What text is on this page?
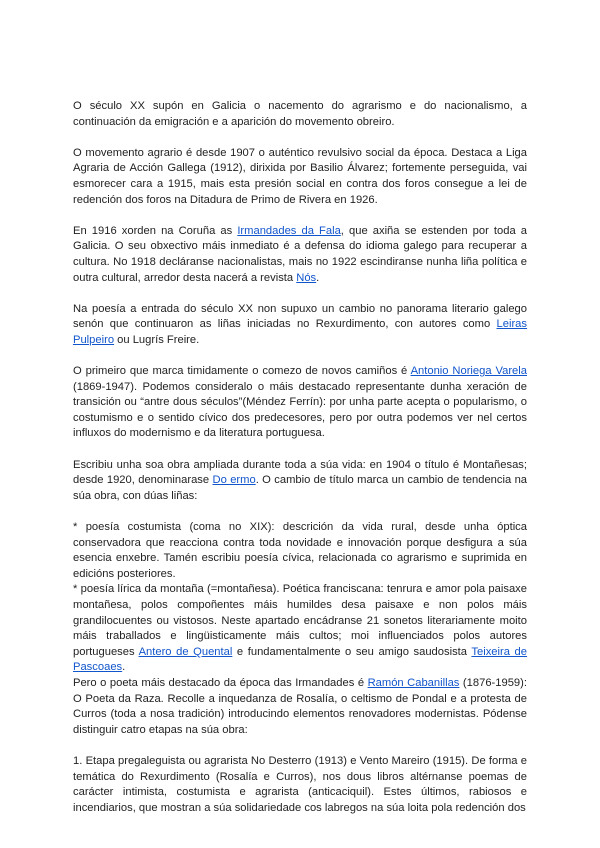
O século XX supón en Galicia o nacemento do agrarismo e do nacionalismo, a continuación da emigración e a aparición do movemento obreiro.

O movemento agrario é desde 1907 o auténtico revulsivo social da época. Destaca a Liga Agraria de Acción Gallega (1912), dirixida por Basilio Álvarez; fortemente perseguida, vai esmorecer cara a 1915, mais esta presión social en contra dos foros consegue a lei de redención dos foros na Ditadura de Primo de Rivera en 1926.

En 1916 xorden na Coruña as Irmandades da Fala, que axiña se estenden por toda a Galicia. O seu obxectivo máis inmediato é a defensa do idioma galego para recuperar a cultura. No 1918 decláranse nacionalistas, mais no 1922 escindiranse nunha liña política e outra cultural, arredor desta nacerá a revista Nós.

Na poesía a entrada do século XX non supuxo un cambio no panorama literario galego senón que continuaron as liñas iniciadas no Rexurdimento, con autores como Leiras Pulpeiro ou Lugrís Freire.

O primeiro que marca timidamente o comezo de novos camiños é Antonio Noriega Varela (1869-1947). Podemos consideralo o máis destacado representante dunha xeración de transición ou “antre dous séculos”(Méndez Ferrín): por unha parte acepta o popularismo, o costumismo e o sentido cívico dos predecesores, pero por outra podemos ver nel certos influxos do modernismo e da literatura portuguesa.

Escribiu unha soa obra ampliada durante toda a súa vida: en 1904 o título é Montañesas; desde 1920, denominarase Do ermo. O cambio de título marca un cambio de tendencia na súa obra, con dúas liñas:

* poesía costumista (coma no XIX): descrición da vida rural, desde unha óptica conservadora que reacciona contra toda novidade e innovación porque desfigura a súa esencia enxebre. Tamén escribiu poesía cívica, relacionada co agrarismo e suprimida en edicións posteriores.

* poesía lírica da montaña (=montañesa). Poética franciscana: tenrura e amor pola paisaxe montañesa, polos compoñentes máis humildes desa paisaxe e non polos máis grandilocuentes ou vistosos. Neste apartado encádranse 21 sonetos literariamente moito máis traballados e lingüisticamente máis cultos; moi influenciados polos autores portugueses Antero de Quental e fundamentalmente o seu amigo saudosista Teixeira de Pascoaes.

Pero o poeta máis destacado da época das Irmandades é Ramón Cabanillas (1876-1959): O Poeta da Raza. Recolle a inquedanza de Rosalía, o celtismo de Pondal e a protesta de Curros (toda a nosa tradición) introducindo elementos renovadores modernistas. Pódense distinguir catro etapas na súa obra:

1. Etapa pregaleguista ou agrarista No Desterro (1913) e Vento Mareiro (1915). De forma e temática do Rexurdimento (Rosalía e Curros), nos dous libros altérnanse poemas de carácter intimista, costumista e agrarista (anticaciquil). Estes últimos, rabiosos e incendiarios, que mostran a súa solidariedade cos labregos na súa loita pola redención dos
